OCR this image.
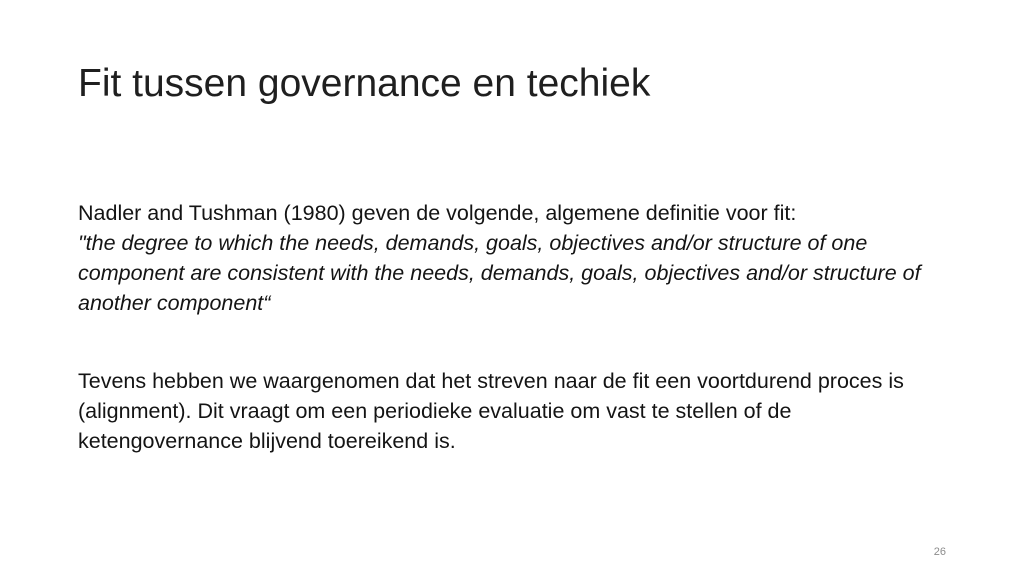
Fit tussen governance en techiek

Nadler and Tushman (1980) geven de volgende, algemene definitie voor fit:
"the degree to which the needs, demands, goals, objectives and/or structure of one component are consistent with the needs, demands, goals, objectives and/or structure of another component“

Tevens hebben we waargenomen dat het streven naar de fit een voortdurend proces is (alignment). Dit vraagt om een periodieke evaluatie om vast te stellen of de ketengovernance blijvend toereikend is.

26
